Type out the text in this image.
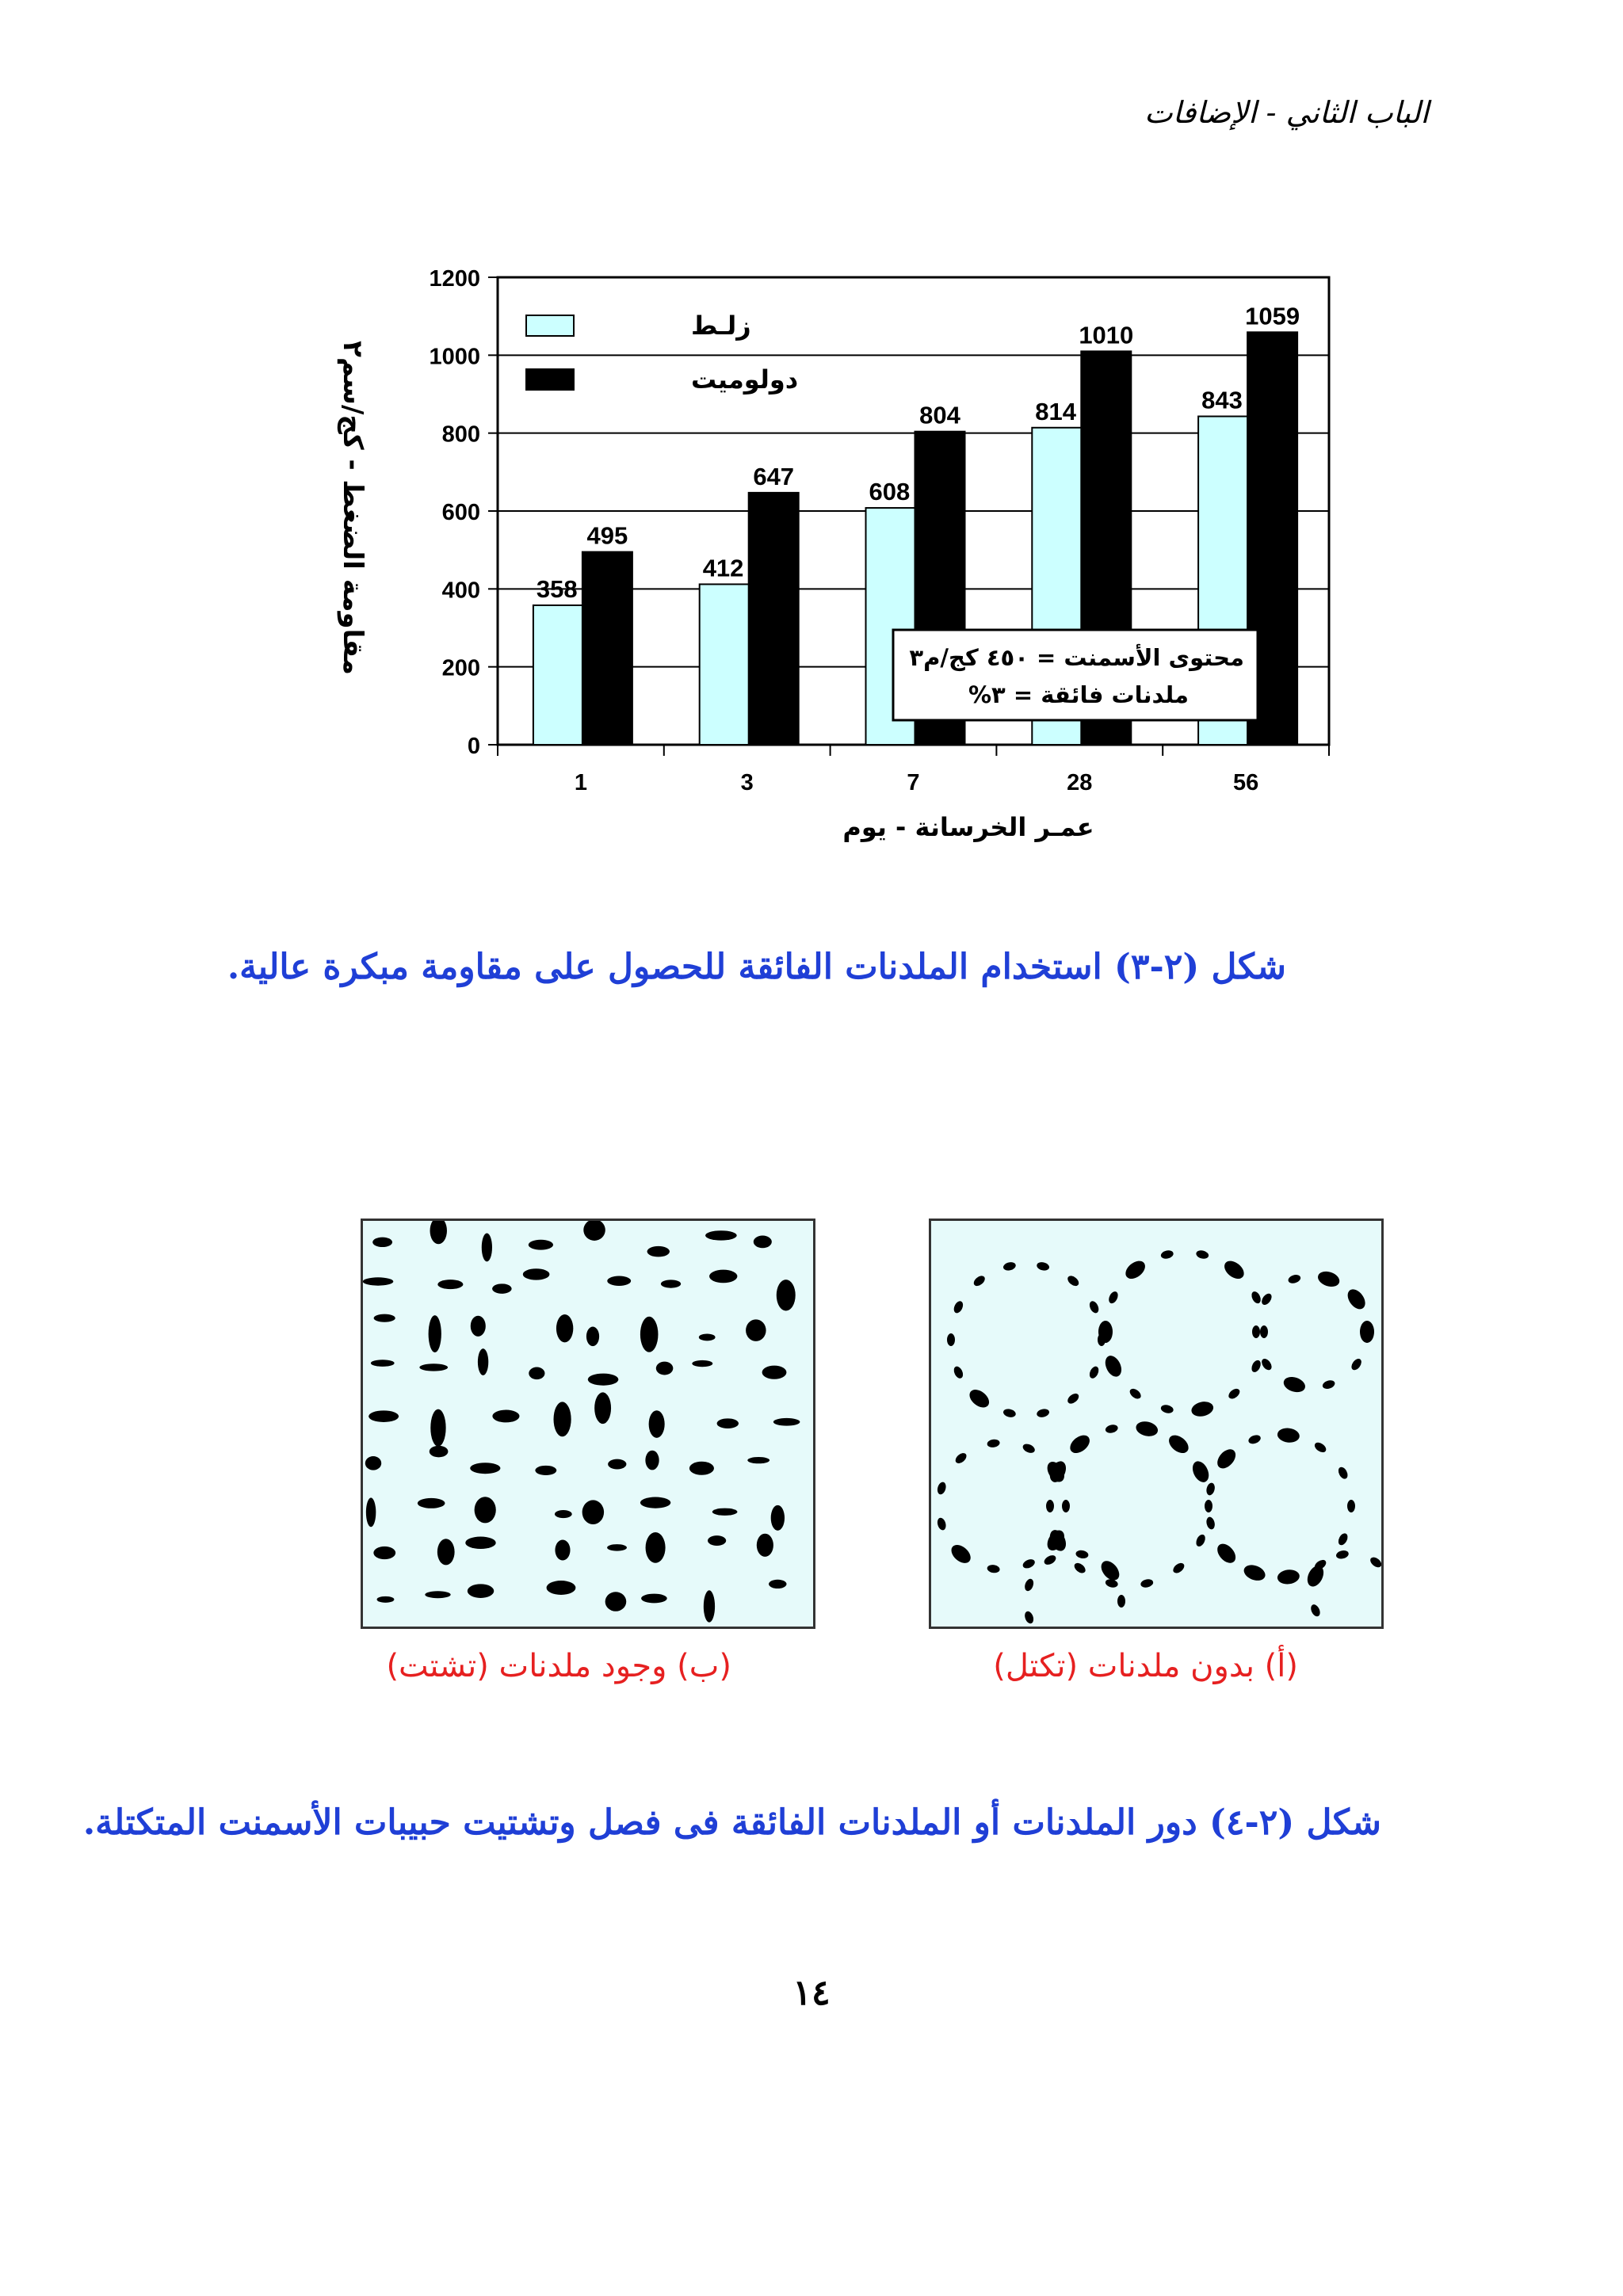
الباب الثاني - الإضافات
0
200
400
600
800
1000
1200
1
358
495
3
412
647
7
608
804
28
814
1010
56
843
1059
زلـط
دولوميت
محتوى الأسمنت = ٤٥٠ كج/م٣
ملدنات فائقة = ٣%
عمـر الخرسانة - يوم
مقاومة الضغط - كج/سم٢
شكل (٢-٣) استخدام الملدنات الفائقة للحصول على مقاومة مبكرة عالية.
(ب) وجود ملدنات (تشتت)	(أ) بدون ملدنات (تكتل)
شكل (٢-٤) دور الملدنات أو الملدنات الفائقة فى فصل وتشتيت حبيبات الأسمنت المتكتلة.
١٤
